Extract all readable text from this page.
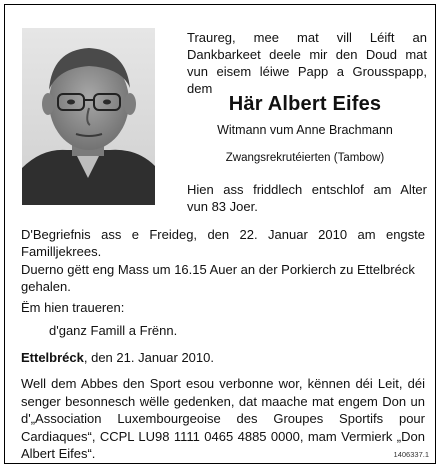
Traureg, mee mat vill Léift an Dankbarkeet deele mir den Doud mat vun eisem léiwe Papp a Grousspapp, dem
Här Albert Eifes
Witmann vum Anne Brachmann
Zwangsrekrutéierten (Tambow)
Hien ass friddlech entschlof am Alter
vun 83 Joer.
D'Begriefnis ass e Freideg, den 22. Januar 2010 am engste Familljekrees.
Duerno gëtt eng Mass um 16.15 Auer an der Porkierch zu Ettelbréck gehalen.
Ëm hien traueren:
d'ganz Famill a Frënn.
Ettelbréck, den 21. Januar 2010.
Well dem Abbes den Sport esou verbonne wor, kënnen déi Leit, déi senger besonnesch wëlle gedenken, dat maache mat engem Don un d'„Association Luxembourgeoise des Groupes Sportifs pour Cardiaques“, CCPL LU98 1111 0465 4885 0000, mam Vermierk „Don Albert Eifes“.	1406337.1
